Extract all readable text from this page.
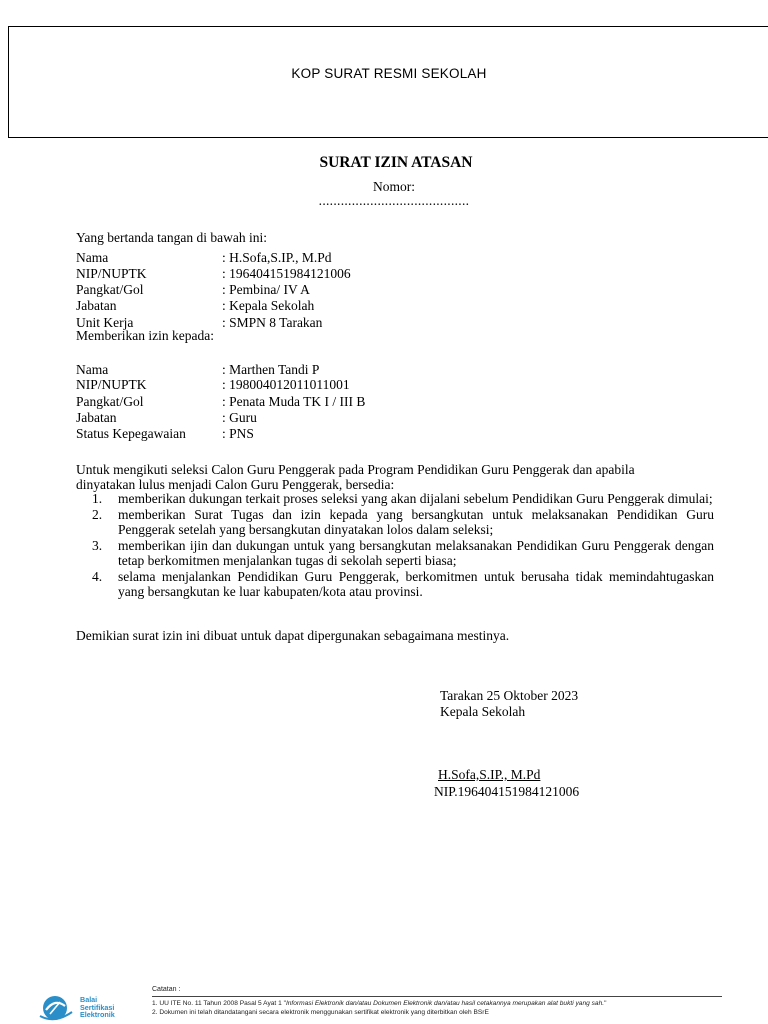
KOP SURAT RESMI SEKOLAH
SURAT IZIN ATASAN
Nomor:
.........................................
Yang bertanda tangan di bawah ini:
Nama	: H.Sofa,S.IP., M.Pd
NIP/NUPTK	: 196404151984121006
Pangkat/Gol	: Pembina/ IV A
Jabatan	: Kepala Sekolah
Unit Kerja	: SMPN 8 Tarakan
Memberikan izin kepada:
Nama	: Marthen Tandi P
NIP/NUPTK	: 198004012011011001
Pangkat/Gol	: Penata Muda TK I / III B
Jabatan	: Guru
Status Kepegawaian	: PNS
Untuk mengikuti seleksi Calon Guru Penggerak pada Program Pendidikan Guru Penggerak dan apabila
dinyatakan lulus menjadi Calon Guru Penggerak, bersedia:
1. memberikan dukungan terkait proses seleksi yang akan dijalani sebelum Pendidikan Guru Penggerak dimulai;
2. memberikan Surat Tugas dan izin kepada yang bersangkutan untuk melaksanakan Pendidikan Guru Penggerak setelah yang bersangkutan dinyatakan lolos dalam seleksi;
3. memberikan ijin dan dukungan untuk yang bersangkutan melaksanakan Pendidikan Guru Penggerak dengan tetap berkomitmen menjalankan tugas di sekolah seperti biasa;
4. selama menjalankan Pendidikan Guru Penggerak, berkomitmen untuk berusaha tidak memindahtugaskan yang bersangkutan ke luar kabupaten/kota atau provinsi.
Demikian surat izin ini dibuat untuk dapat dipergunakan sebagaimana mestinya.
Tarakan 25 Oktober 2023
Kepala Sekolah
H.Sofa,S.IP., M.Pd
NIP.196404151984121006
Balai
Sertifikasi
Elektronik
Catatan :
1. UU ITE No. 11 Tahun 2008 Pasal 5 Ayat 1 "Informasi Elektronik dan/atau Dokumen Elektronik dan/atau hasil cetakannya merupakan alat bukti yang sah."
2. Dokumen ini telah ditandatangani secara elektronik menggunakan sertifikat elektronik yang diterbitkan oleh BSrE
